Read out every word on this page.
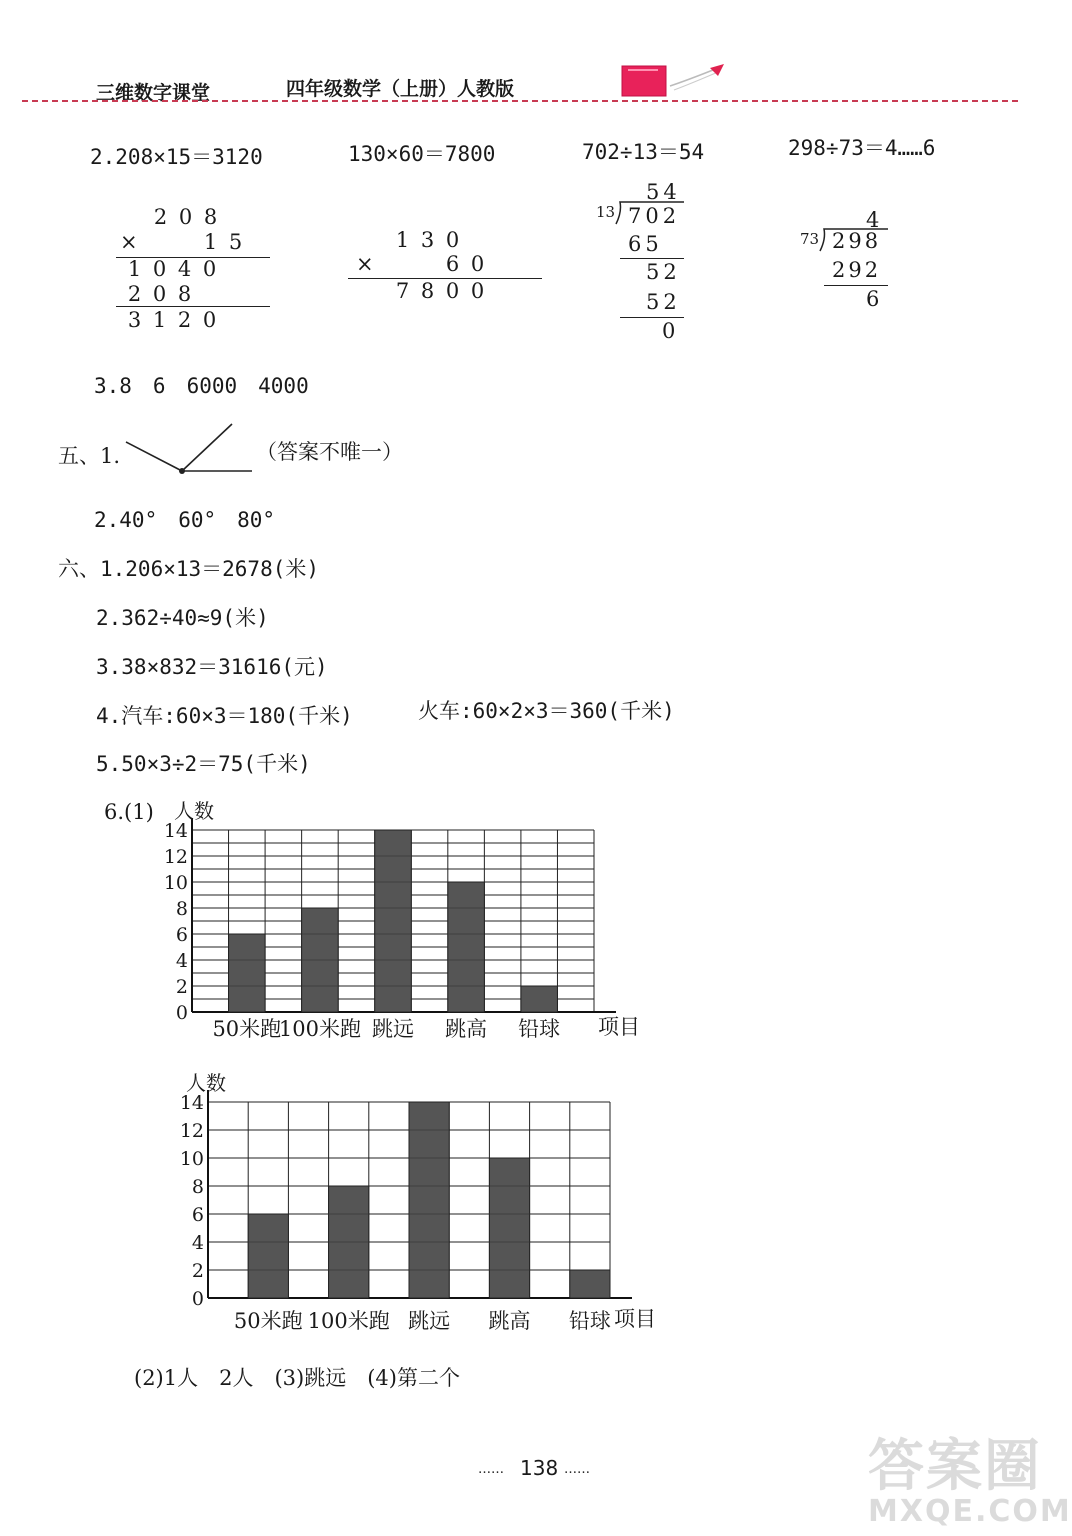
三维数字课堂	四年级数学（上册）人教版
2.208×15＝3120	130×60＝7800	702÷13＝54	298÷73＝4……6
2 0 8
×	1 5
1 0 4 0
2 0 8
3 1 2 0
1 3 0
×	6 0
7 8 0 0
54
13 702
65
52
52
0
4
73 298
292
6
3.8　6　6000　4000
五、1.	（答案不唯一）
2.40°　60°　80°
六、1.206×13＝2678(米)
2.362÷40≈9(米)
3.38×832＝31616(元)
4.汽车:60×3＝180(千米)	火车:60×2×3＝360(千米)
5.50×3÷2＝75(千米)
6.(1)
0
2
4
6
8
10
12
14
人数
50米跑
100米跑 跳远 跳高 铅球 项目
0
2
4
6
8
10
12
14
人数
50米跑 100米跑 跳远 跳高 铅球 项目
(2)1人　2人　(3)跳远　(4)第二个
…… 138 ……	答案圈
MXQE.COM
